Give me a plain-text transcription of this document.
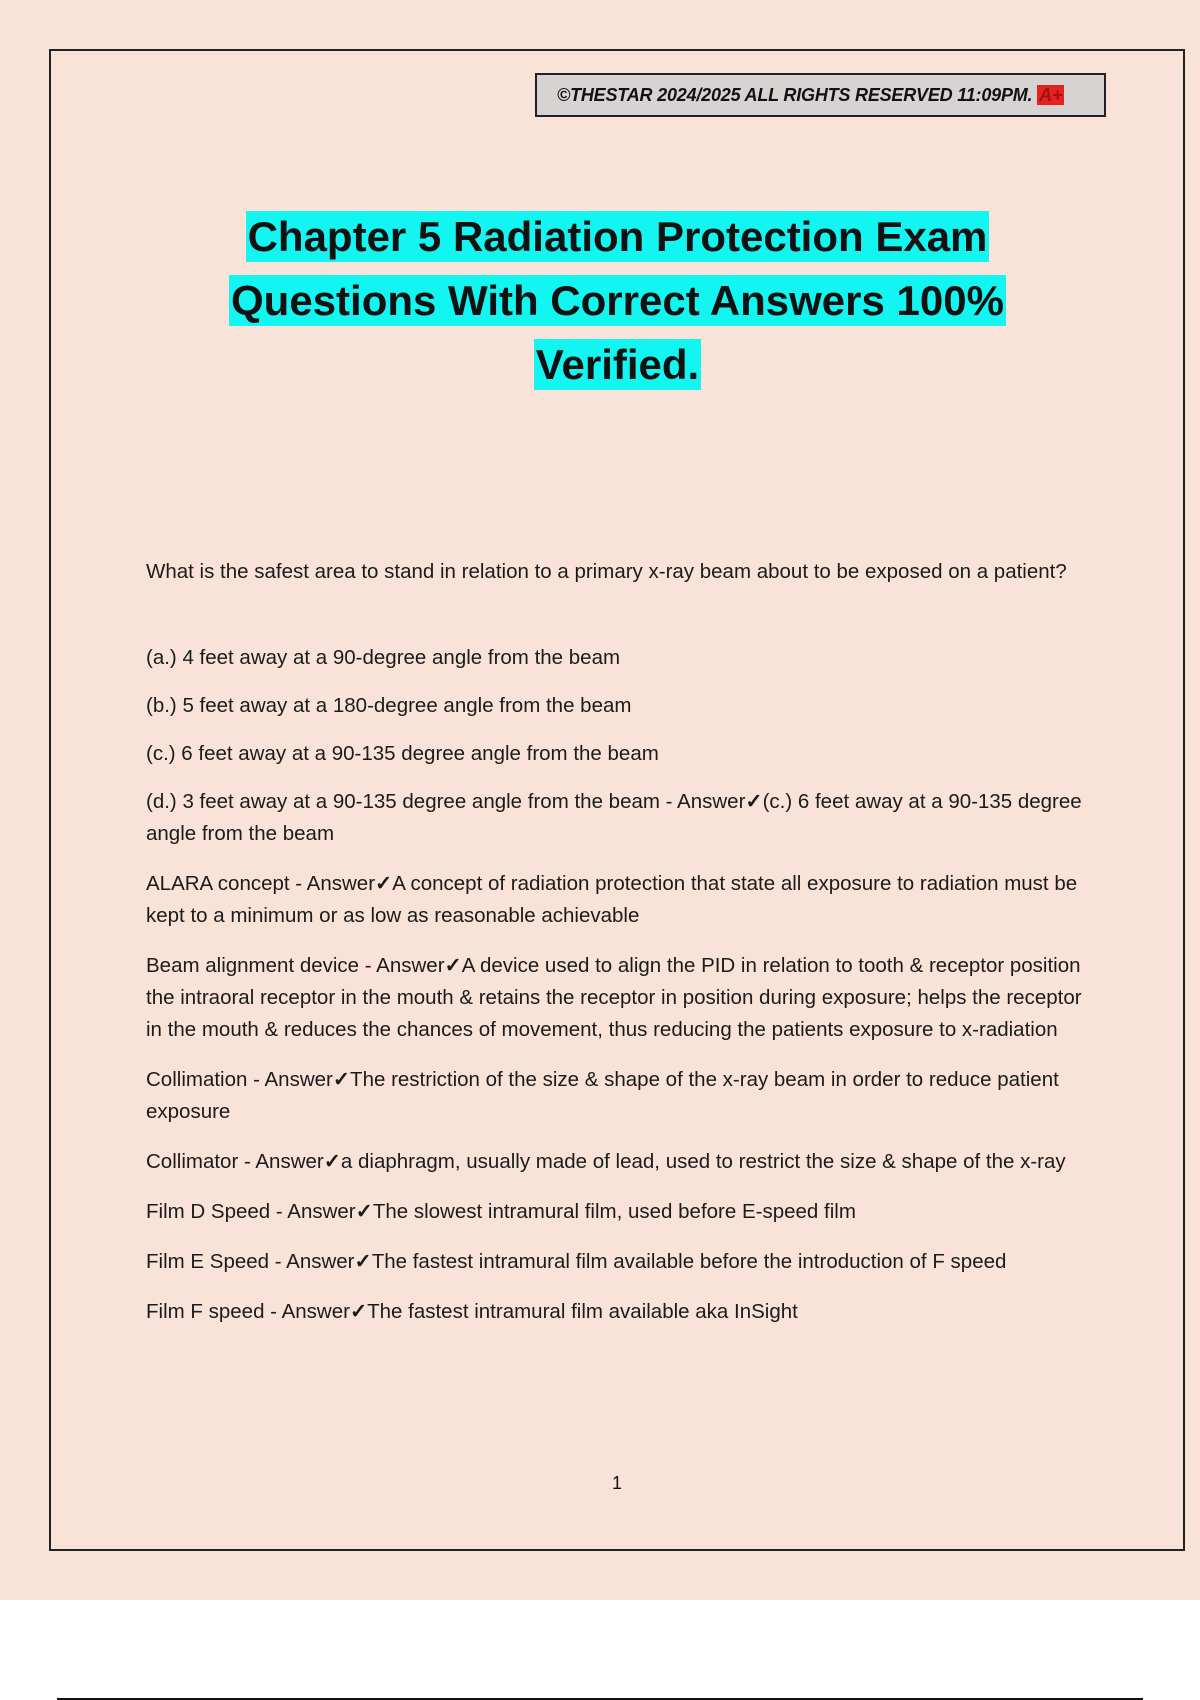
©THESTAR 2024/2025 ALL RIGHTS RESERVED 11:09PM. A+
Chapter 5 Radiation Protection Exam
Questions With Correct Answers 100%
Verified.

What is the safest area to stand in relation to a primary x-ray beam about to be exposed on a patient?

(a.) 4 feet away at a 90-degree angle from the beam

(b.) 5 feet away at a 180-degree angle from the beam

(c.) 6 feet away at a 90-135 degree angle from the beam

(d.) 3 feet away at a 90-135 degree angle from the beam - Answer✓(c.) 6 feet away at a 90-135 degree angle from the beam

ALARA concept - Answer✓A concept of radiation protection that state all exposure to radiation must be kept to a minimum or as low as reasonable achievable

Beam alignment device - Answer✓A device used to align the PID in relation to tooth & receptor position the intraoral receptor in the mouth & retains the receptor in position during exposure; helps the receptor in the mouth & reduces the chances of movement, thus reducing the patients exposure to x-radiation

Collimation - Answer✓The restriction of the size & shape of the x-ray beam in order to reduce patient exposure

Collimator - Answer✓a diaphragm, usually made of lead, used to restrict the size & shape of the x-ray

Film D Speed - Answer✓The slowest intramural film, used before E-speed film

Film E Speed - Answer✓The fastest intramural film available before the introduction of F speed

Film F speed - Answer✓The fastest intramural film available aka InSight

1
